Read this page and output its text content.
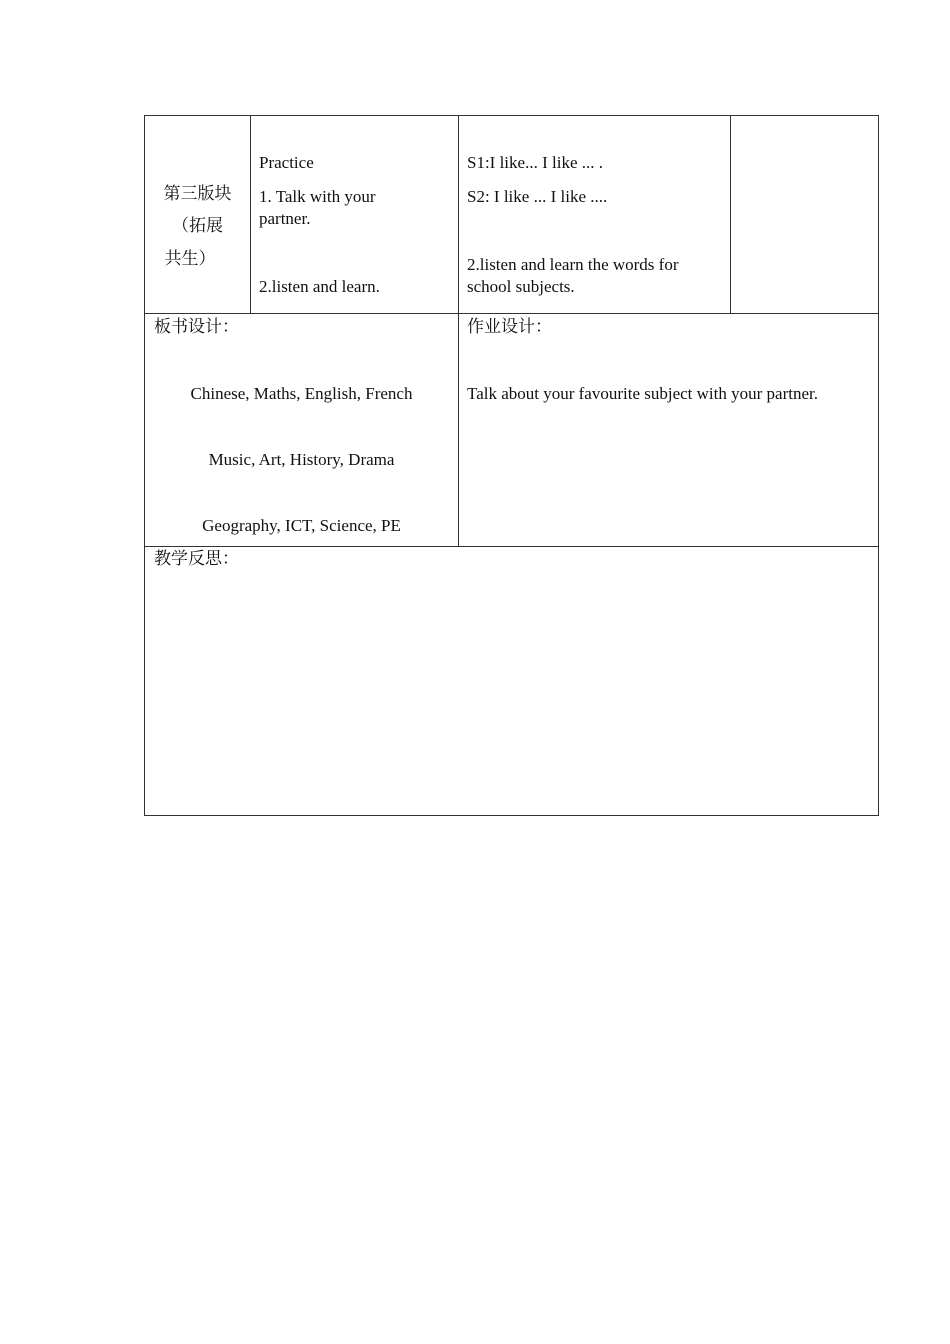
第三版块
（拓展
共生）
Practice
1. Talk with your
partner.
2.listen and learn.
S1:I like... I like ... .
S2: I like ... I like ....
2.listen and learn the words for
school subjects.
板书设计：
Chinese, Maths, English, French
Music, Art, History, Drama
Geography, ICT, Science, PE
作业设计：
Talk about your favourite subject with your partner.
教学反思：
